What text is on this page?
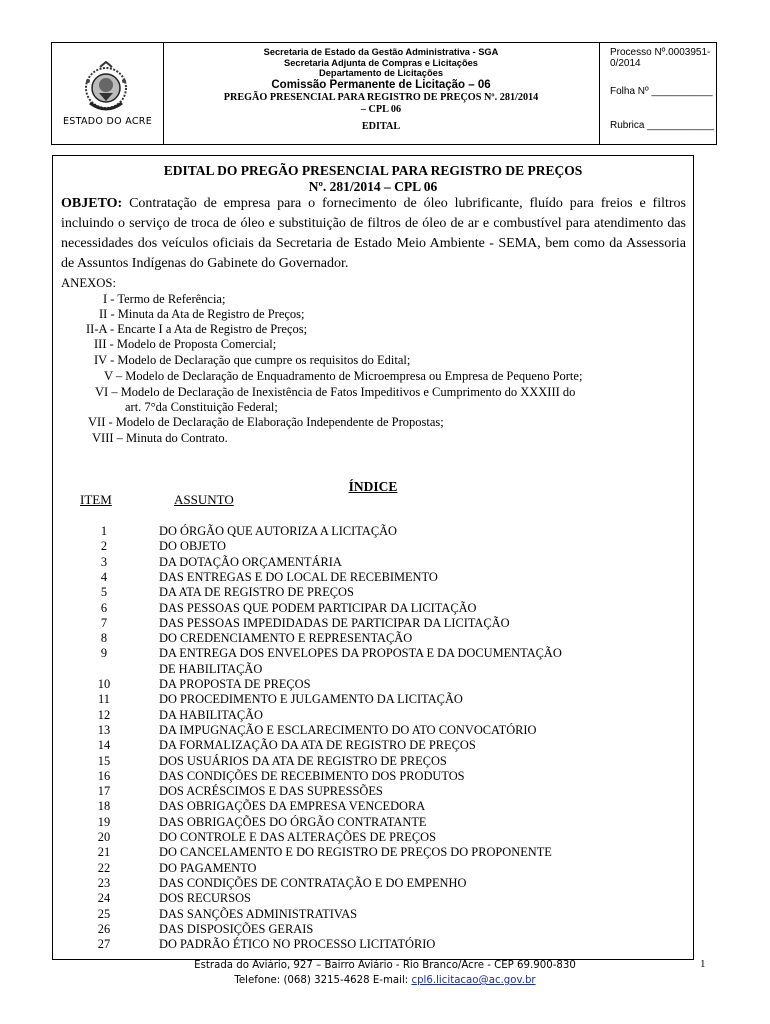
ESTADO DO ACRE
Secretaria de Estado da Gestão Administrativa - SGA
Secretaria Adjunta de Compras e Licitações
Departamento de Licitações
Comissão Permanente de Licitação – 06
PREGÃO PRESENCIAL PARA REGISTRO DE PREÇOS Nº. 281/2014
– CPL 06
EDITAL
Processo Nº.0003951-0/2014
Folha Nº ___________
Rubrica ____________
EDITAL DO PREGÃO PRESENCIAL PARA REGISTRO DE PREÇOS
Nº. 281/2014 – CPL 06
OBJETO: Contratação de empresa para o fornecimento de óleo lubrificante, fluído para freios e filtros incluindo o serviço de troca de óleo e substituição de filtros de óleo de ar e combustível para atendimento das necessidades dos veículos oficiais da Secretaria de Estado Meio Ambiente - SEMA, bem como da Assessoria de Assuntos Indígenas do Gabinete do Governador.
ANEXOS:
I - Termo de Referência;
II - Minuta da Ata de Registro de Preços;
II-A - Encarte I a Ata de Registro de Preços;
III - Modelo de Proposta Comercial;
IV - Modelo de Declaração que cumpre os requisitos do Edital;
V – Modelo de Declaração de Enquadramento de Microempresa ou Empresa de Pequeno Porte;
VI – Modelo de Declaração de Inexistência de Fatos Impeditivos e Cumprimento do XXXIII do
art. 7°da Constituição Federal;
VII - Modelo de Declaração de Elaboração Independente de Propostas;
VIII – Minuta do Contrato.
ÍNDICE
ITEM	ASSUNTO
1	DO ÓRGÃO QUE AUTORIZA A LICITAÇÃO
2	DO OBJETO
3	DA DOTAÇÃO ORÇAMENTÁRIA
4	DAS ENTREGAS E DO LOCAL DE RECEBIMENTO
5	DA ATA DE REGISTRO DE PREÇOS
6	DAS PESSOAS QUE PODEM PARTICIPAR DA LICITAÇÃO
7	DAS PESSOAS IMPEDIDADAS DE PARTICIPAR DA LICITAÇÃO
8	DO CREDENCIAMENTO E REPRESENTAÇÃO
9	DA ENTREGA DOS ENVELOPES DA PROPOSTA E DA DOCUMENTAÇÃO
DE HABILITAÇÃO
10	DA PROPOSTA DE PREÇOS
11	DO PROCEDIMENTO E JULGAMENTO DA LICITAÇÃO
12	DA HABILITAÇÃO
13	DA IMPUGNAÇÃO E ESCLARECIMENTO DO ATO CONVOCATÓRIO
14	DA FORMALIZAÇÃO DA ATA DE REGISTRO DE PREÇOS
15	DOS USUÁRIOS DA ATA DE REGISTRO DE PREÇOS
16	DAS CONDIÇÕES DE RECEBIMENTO DOS PRODUTOS
17	DOS ACRÉSCIMOS E DAS SUPRESSÕES
18	DAS OBRIGAÇÕES DA EMPRESA VENCEDORA
19	DAS OBRIGAÇÕES DO ÓRGÃO CONTRATANTE
20	DO CONTROLE E DAS ALTERAÇÕES DE PREÇOS
21	DO CANCELAMENTO E DO REGISTRO DE PREÇOS DO PROPONENTE
22	DO PAGAMENTO
23	DAS CONDIÇÕES DE CONTRATAÇÃO E DO EMPENHO
24	DOS RECURSOS
25	DAS SANÇÕES ADMINISTRATIVAS
26	DAS DISPOSIÇÕES GERAIS
27	DO PADRÃO ÉTICO NO PROCESSO LICITATÓRIO
1
Estrada do Aviário, 927 – Bairro Aviário - Rio Branco/Acre - CEP 69.900-830
Telefone: (068) 3215-4628 E-mail: cpl6.licitacao@ac.gov.br
